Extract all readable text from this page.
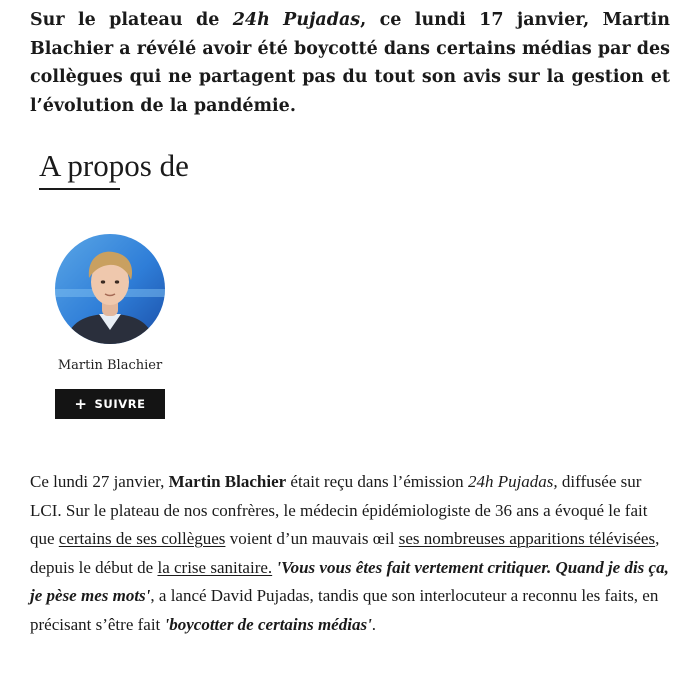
Sur le plateau de 24h Pujadas, ce lundi 17 janvier, Martin Blachier a révélé avoir été boycotté dans certains médias par des collègues qui ne partagent pas du tout son avis sur la gestion et l’évolution de la pandémie.

A propos de
Martin Blachier
+ SUIVRE

Ce lundi 27 janvier, Martin Blachier était reçu dans l’émission 24h Pujadas, diffusée sur LCI. Sur le plateau de nos confrères, le médecin épidémiologiste de 36 ans a évoqué le fait que certains de ses collègues voient d’un mauvais œil ses nombreuses apparitions télévisées, depuis le début de la crise sanitaire. 'Vous vous êtes fait vertement critiquer. Quand je dis ça, je pèse mes mots', a lancé David Pujadas, tandis que son interlocuteur a reconnu les faits, en précisant s’être fait 'boycotter de certains médias'.
